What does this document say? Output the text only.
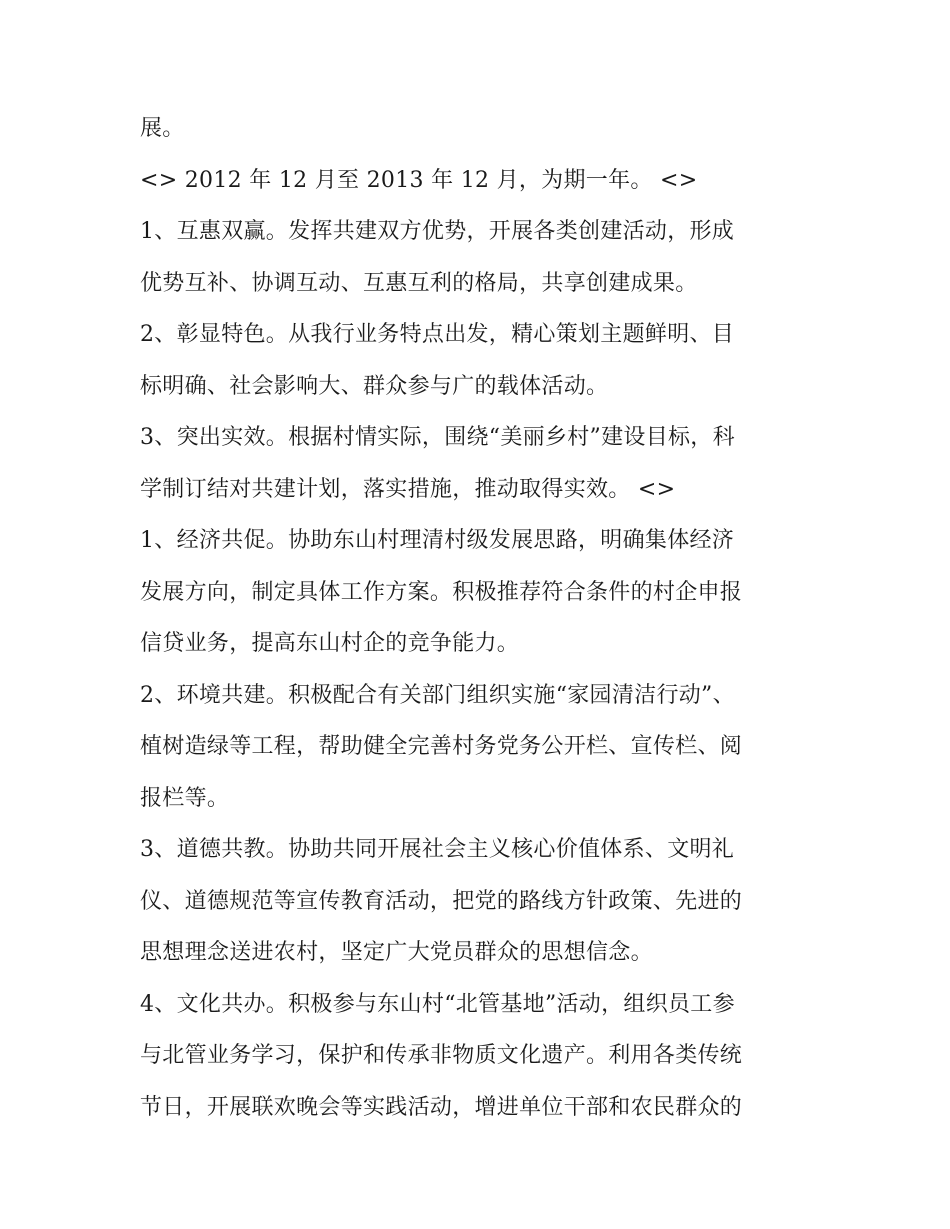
展。
<> 2012 年 12 月至 2013 年 12 月，为期一年。 <>
1、互惠双赢。发挥共建双方优势，开展各类创建活动，形成
优势互补、协调互动、互惠互利的格局，共享创建成果。
2、彰显特色。从我行业务特点出发，精心策划主题鲜明、目
标明确、社会影响大、群众参与广的载体活动。
3、突出实效。根据村情实际，围绕“美丽乡村”建设目标，科
学制订结对共建计划，落实措施，推动取得实效。 <>
1、经济共促。协助东山村理清村级发展思路，明确集体经济
发展方向，制定具体工作方案。积极推荐符合条件的村企申报
信贷业务，提高东山村企的竞争能力。
2、环境共建。积极配合有关部门组织实施“家园清洁行动”、
植树造绿等工程，帮助健全完善村务党务公开栏、宣传栏、阅
报栏等。
3、道德共教。协助共同开展社会主义核心价值体系、文明礼
仪、道德规范等宣传教育活动，把党的路线方针政策、先进的
思想理念送进农村，坚定广大党员群众的思想信念。
4、文化共办。积极参与东山村“北管基地”活动，组织员工参
与北管业务学习，保护和传承非物质文化遗产。利用各类传统
节日，开展联欢晚会等实践活动，增进单位干部和农民群众的
